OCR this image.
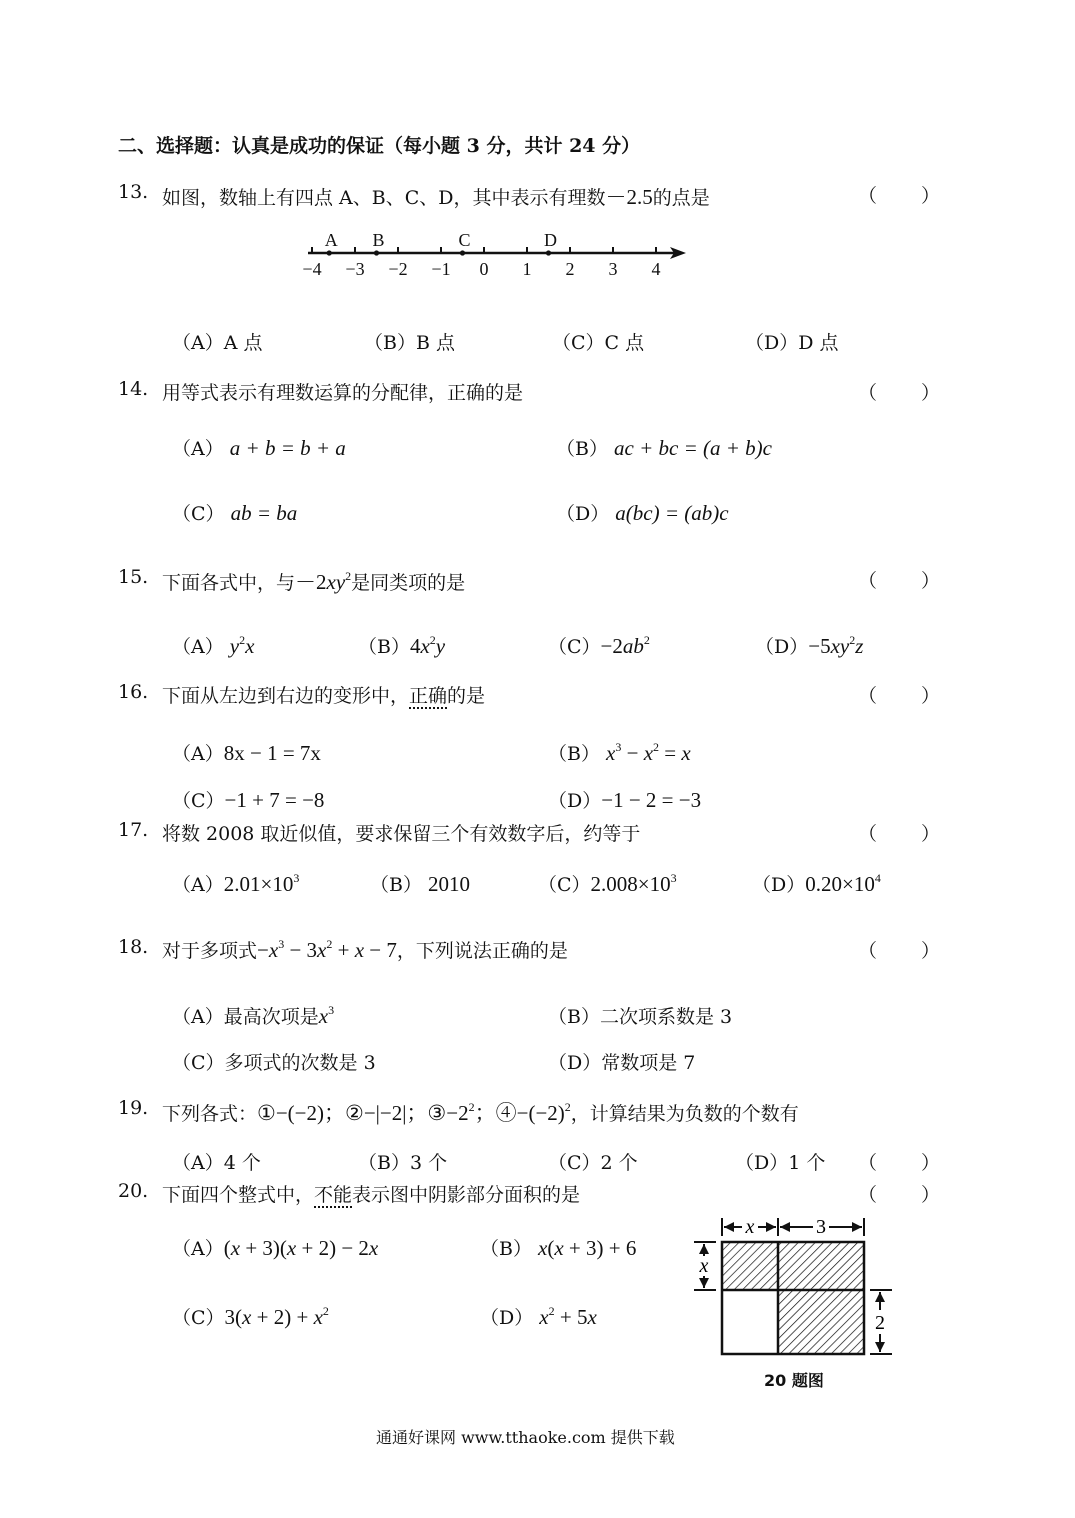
二、选择题：认真是成功的保证（每小题 3 分，共计 24 分）
13. 如图，数轴上有四点 A、B、C、D，其中表示有理数－2.5的点是	（　　）
−4 −3 −2 −1 0 1 2 3 4
A B	C	D
（A）A 点	（B）B 点	（C）C 点	（D）D 点
14. 用等式表示有理数运算的分配律，正确的是	（　　）
（A） a + b = b + a	（B） ac + bc = (a + b)c
（C） ab = ba	（D） a(bc) = (ab)c
15. 下面各式中，与$-2xy^2$是同类项的是	（　　）
（A） $y^2x$	$(B)4x^2y$	$(C)-2ab^2$	$(D)-5xy^2z$
16. 下面从左边到右边的变形中，正确的是	（　　）
（A）8x − 1 = 7x	（B） $x^3 - x^2 = x$
（C）−1 + 7 = −8	（D）−1 − 2 = −3
17. 将数 2008 取近似值，要求保留三个有效数字后，约等于	（　　）
$(A)2.01\times 10^3$	（B） 2010	$(C)2.008\times 10^3$	$(D)0.20\times 10^4$
18. 对于多项式$-x^3 - 3x^2 + x - 7$，下列说法正确的是	（　　）
（A）最高次项是$x^3$	（B）二次项系数是 3
（C）多项式的次数是 3	（D）常数项是 7
19. 下列各式：①−(−2)；②−|−2|；$③-2^2$；$④-(-2)^2$，计算结果为负数的个数有
（A）4 个	（B）3 个	（C）2 个	（D）1 个 （　　）
20. 下面四个整式中，不能表示图中阴影部分面积的是	（　　）
（A）(x + 3)(x + 2) − 2x	（B） x(x + 3) + 6
$(C)3(x + 2) + x^2$	（D） $x^2 + 5x$
x	3
x
2
20 题图
通通好课网 www.tthaoke.com 提供下载
